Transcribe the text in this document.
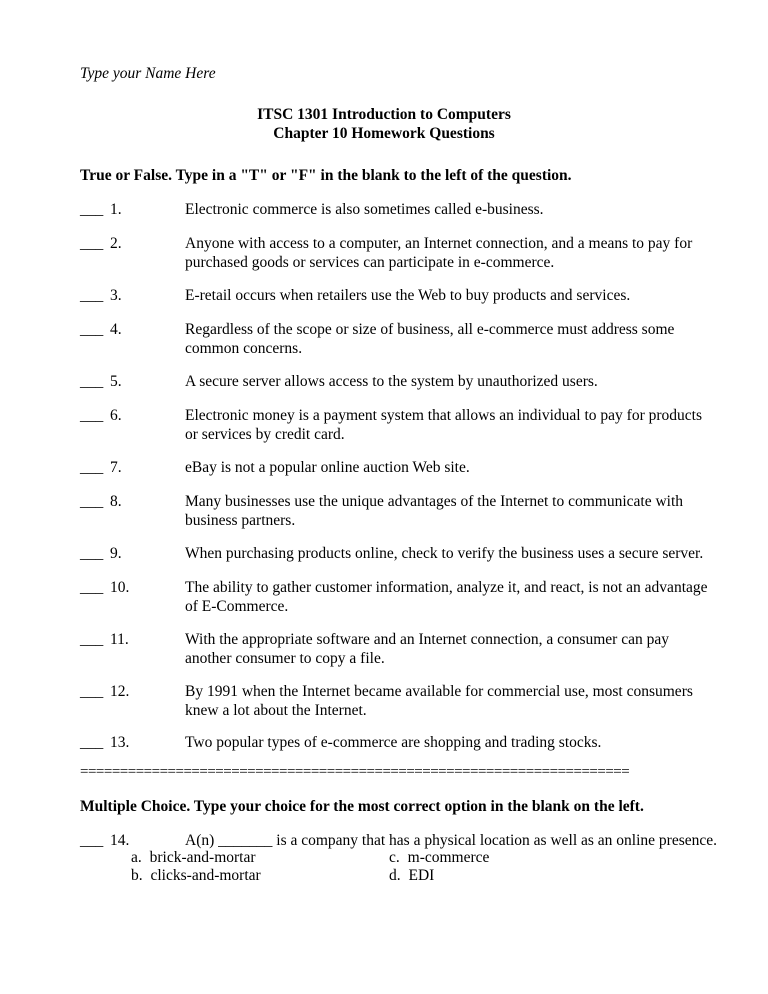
Type your Name Here
ITSC 1301 Introduction to Computers
Chapter 10 Homework Questions
True or False. Type in a "T" or "F" in the blank to the left of the question.
___ 1.	Electronic commerce is also sometimes called e-business.
___ 2.	Anyone with access to a computer, an Internet connection, and a means to pay for purchased goods or services can participate in e-commerce.
___ 3.	E-retail occurs when retailers use the Web to buy products and services.
___ 4.	Regardless of the scope or size of business, all e-commerce must address some common concerns.
___ 5.	A secure server allows access to the system by unauthorized users.
___ 6.	Electronic money is a payment system that allows an individual to pay for products or services by credit card.
___ 7.	eBay is not a popular online auction Web site.
___ 8.	Many businesses use the unique advantages of the Internet to communicate with business partners.
___ 9.	When purchasing products online, check to verify the business uses a secure server.
___ 10.	The ability to gather customer information, analyze it, and react, is not an advantage of E-Commerce.
___ 11.	With the appropriate software and an Internet connection, a consumer can pay another consumer to copy a file.
___ 12.	By 1991 when the Internet became available for commercial use, most consumers knew a lot about the Internet.
___ 13.	Two popular types of e-commerce are shopping and trading stocks.
=====================================================================
Multiple Choice. Type your choice for the most correct option in the blank on the left.
___ 14.	A(n) _______ is a company that has a physical location as well as an online presence.
a. brick-and-mortar
b. clicks-and-mortar
c. m-commerce
d. EDI
